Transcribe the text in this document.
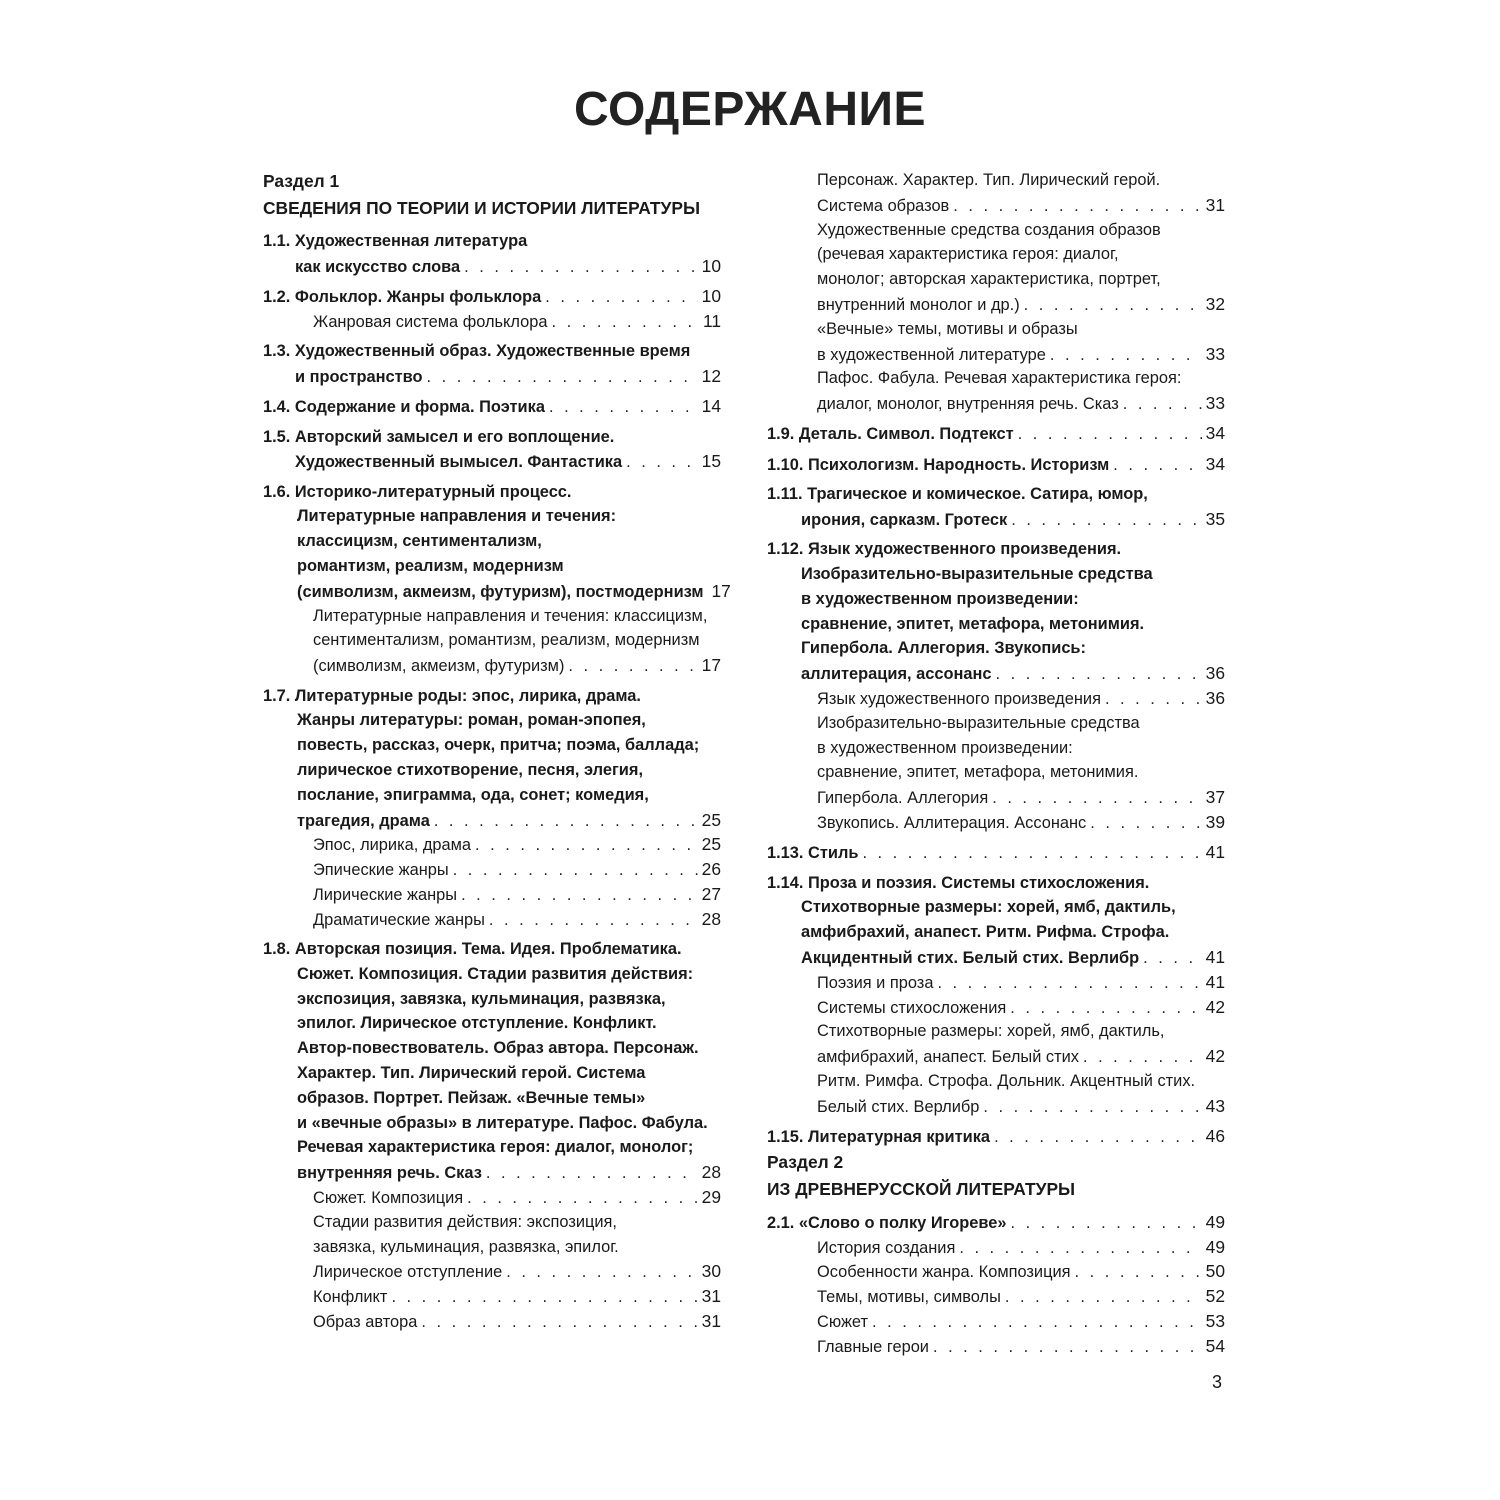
СОДЕРЖАНИЕ
Раздел 1
СВЕДЕНИЯ ПО ТЕОРИИ И ИСТОРИИ ЛИТЕРАТУРЫ
1.1. Художественная литература
как искусство слова . . .	10
1.2. Фольклор. Жанры фольклора . . .	10
Жанровая система фольклора . . .	11
1.3. Художественный образ. Художественные время
и пространство . . .	12
1.4. Содержание и форма. Поэтика . . .	14
1.5. Авторский замысел и его воплощение.
Художественный вымысел. Фантастика . . .	15
1.6. Историко-литературный процесс.
Литературные направления и течения:
классицизм, сентиментализм,
романтизм, реализм, модернизм
(символизм, акмеизм, футуризм), постмодернизм 17
Литературные направления и течения: классицизм,
сентиментализм, романтизм, реализм, модернизм
(символизм, акмеизм, футуризм) . . .	17
1.7. Литературные роды: эпос, лирика, драма.
Жанры литературы: роман, роман-эпопея,
повесть, рассказ, очерк, притча; поэма, баллада;
лирическое стихотворение, песня, элегия,
послание, эпиграмма, ода, сонет; комедия,
трагедия, драма . . .	25
Эпос, лирика, драма . . .	25
Эпические жанры . . .	26
Лирические жанры . . .	27
Драматические жанры . . .	28
1.8. Авторская позиция. Тема. Идея. Проблематика.
Сюжет. Композиция. Стадии развития действия:
экспозиция, завязка, кульминация, развязка,
эпилог. Лирическое отступление. Конфликт.
Автор-повествователь. Образ автора. Персонаж.
Характер. Тип. Лирический герой. Система
образов. Портрет. Пейзаж. «Вечные темы»
и «вечные образы» в литературе. Пафос. Фабула.
Речевая характеристика героя: диалог, монолог;
внутренняя речь. Сказ . . .	28
Сюжет. Композиция . . .	29
Стадии развития действия: экспозиция,
завязка, кульминация, развязка, эпилог.
Лирическое отступление . . .	30
Конфликт . . .	31
Образ автора . . .	31
Персонаж. Характер. Тип. Лирический герой.
Система образов . . .	31
Художественные средства создания образов
(речевая характеристика героя: диалог,
монолог; авторская характеристика, портрет,
внутренний монолог и др.) . . .	32
«Вечные» темы, мотивы и образы
в художественной литературе . . .	33
Пафос. Фабула. Речевая характеристика героя:
диалог, монолог, внутренняя речь. Сказ . . .	33
1.9. Деталь. Символ. Подтекст . . .	34
1.10. Психологизм. Народность. Историзм . . .	34
1.11. Трагическое и комическое. Сатира, юмор,
ирония, сарказм. Гротеск . . .	35
1.12. Язык художественного произведения.
Изобразительно-выразительные средства
в художественном произведении:
сравнение, эпитет, метафора, метонимия.
Гипербола. Аллегория. Звукопись:
аллитерация, ассонанс . . .	36
Язык художественного произведения . . .	36
Изобразительно-выразительные средства
в художественном произведении:
сравнение, эпитет, метафора, метонимия.
Гипербола. Аллегория . . .	37
Звукопись. Аллитерация. Ассонанс . . .	39
1.13. Стиль . . .	41
1.14. Проза и поэзия. Системы стихосложения.
Стихотворные размеры: хорей, ямб, дактиль,
амфибрахий, анапест. Ритм. Рифма. Строфа.
Акцидентный стих. Белый стих. Верлибр . . .	41
Поэзия и проза . . .	41
Системы стихосложения . . .	42
Стихотворные размеры: хорей, ямб, дактиль,
амфибрахий, анапест. Белый стих . . .	42
Ритм. Римфа. Строфа. Дольник. Акцентный стих.
Белый стих. Верлибр . . .	43
1.15. Литературная критика . . .	46
Раздел 2
ИЗ ДРЕВНЕРУССКОЙ ЛИТЕРАТУРЫ
2.1. «Слово о полку Игореве» . . .	49
История создания . . .	49
Особенности жанра. Композиция . . .	50
Темы, мотивы, символы . . .	52
Сюжет . . .	53
Главные герои . . .	54
3
